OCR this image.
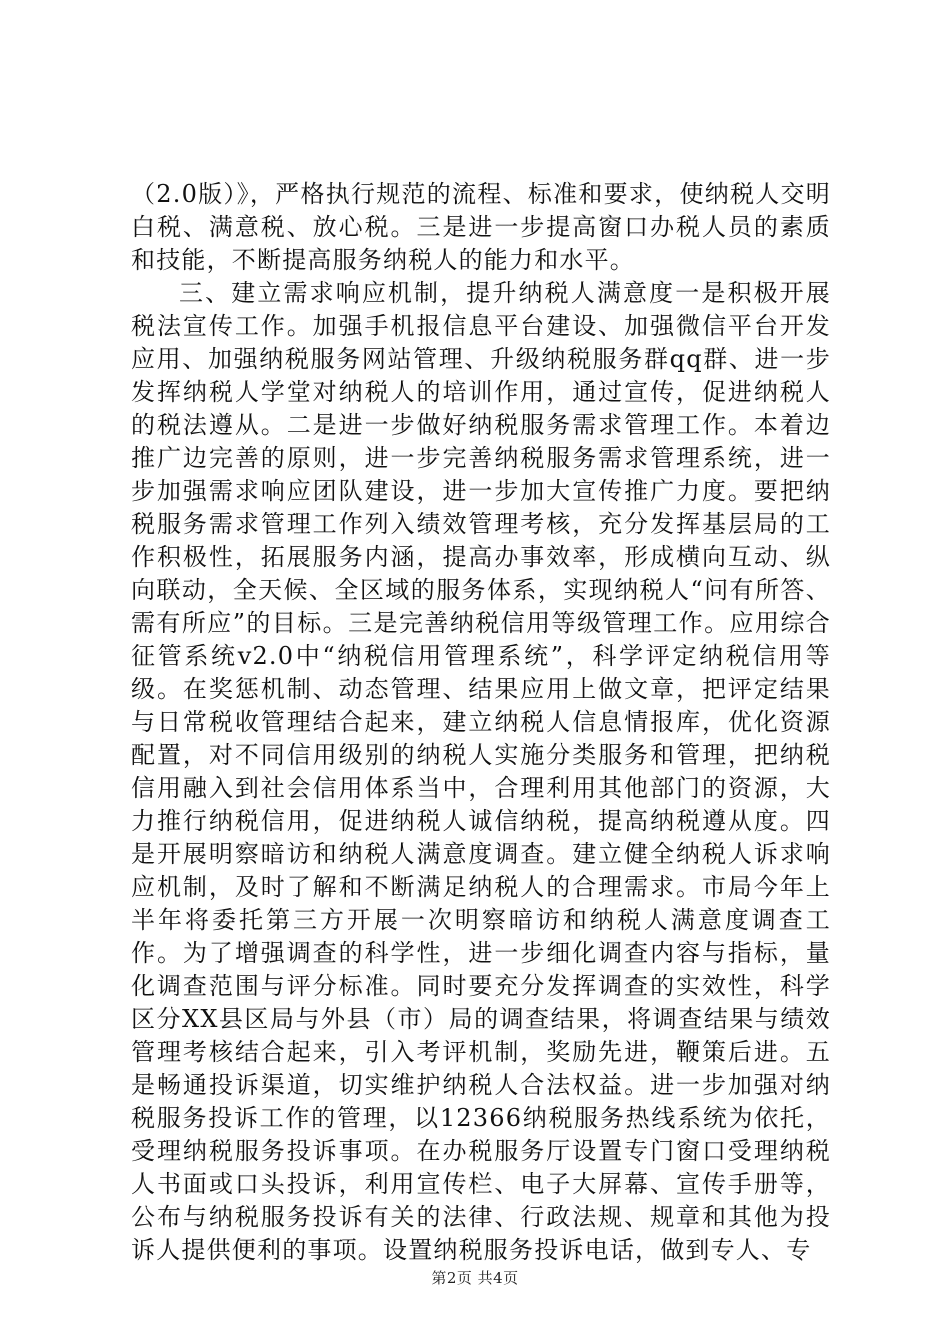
（2.0版）》，严格执行规范的流程、标准和要求，使纳税人交明白税、满意税、放心税。三是进一步提高窗口办税人员的素质和技能，不断提高服务纳税人的能力和水平。

三、建立需求响应机制，提升纳税人满意度一是积极开展税法宣传工作。加强手机报信息平台建设、加强微信平台开发应用、加强纳税服务网站管理、升级纳税服务群qq群、进一步发挥纳税人学堂对纳税人的培训作用，通过宣传，促进纳税人的税法遵从。二是进一步做好纳税服务需求管理工作。本着边推广边完善的原则，进一步完善纳税服务需求管理系统，进一步加强需求响应团队建设，进一步加大宣传推广力度。要把纳税服务需求管理工作列入绩效管理考核，充分发挥基层局的工作积极性，拓展服务内涵，提高办事效率，形成横向互动、纵向联动，全天候、全区域的服务体系，实现纳税人“问有所答、需有所应”的目标。三是完善纳税信用等级管理工作。应用综合征管系统v2.0中“纳税信用管理系统”，科学评定纳税信用等级。在奖惩机制、动态管理、结果应用上做文章，把评定结果与日常税收管理结合起来，建立纳税人信息情报库，优化资源配置，对不同信用级别的纳税人实施分类服务和管理，把纳税信用融入到社会信用体系当中，合理利用其他部门的资源，大力推行纳税信用，促进纳税人诚信纳税，提高纳税遵从度。四是开展明察暗访和纳税人满意度调查。建立健全纳税人诉求响应机制，及时了解和不断满足纳税人的合理需求。市局今年上半年将委托第三方开展一次明察暗访和纳税人满意度调查工作。为了增强调查的科学性，进一步细化调查内容与指标，量化调查范围与评分标准。同时要充分发挥调查的实效性，科学区分XX县区局与外县（市）局的调查结果，将调查结果与绩效管理考核结合起来，引入考评机制，奖励先进，鞭策后进。五是畅通投诉渠道，切实维护纳税人合法权益。进一步加强对纳税服务投诉工作的管理，以12366纳税服务热线系统为依托，受理纳税服务投诉事项。在办税服务厅设置专门窗口受理纳税人书面或口头投诉，利用宣传栏、电子大屏幕、宣传手册等，公布与纳税服务投诉有关的法律、行政法规、规章和其他为投诉人提供便利的事项。设置纳税服务投诉电话，做到专人、专

第2页 共4页
